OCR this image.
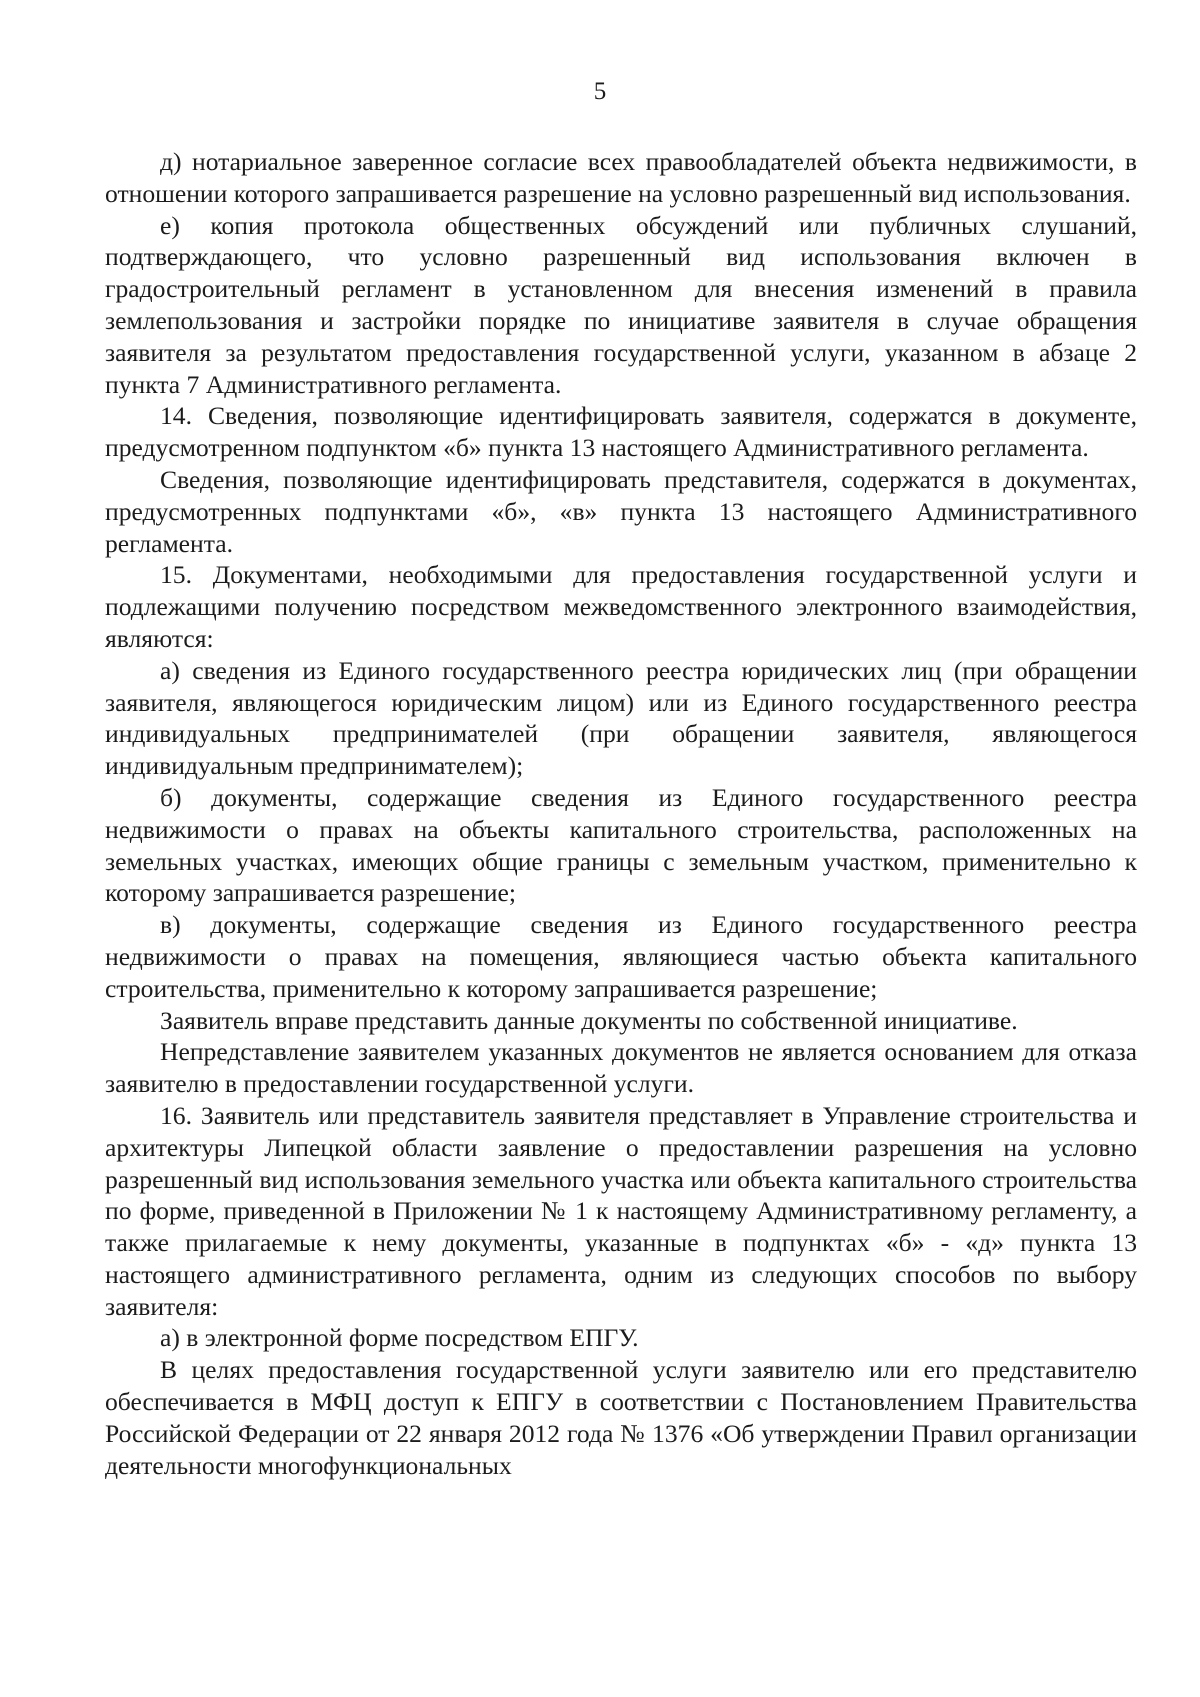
5

д) нотариальное заверенное согласие всех правообладателей объекта недвижимости, в отношении которого запрашивается разрешение на условно разрешенный вид использования.

е) копия протокола общественных обсуждений или публичных слушаний, подтверждающего, что условно разрешенный вид использования включен в градостроительный регламент в установленном для внесения изменений в правила землепользования и застройки порядке по инициативе заявителя в случае обращения заявителя за результатом предоставления государственной услуги, указанном в абзаце 2 пункта 7 Административного регламента.

14. Сведения, позволяющие идентифицировать заявителя, содержатся в документе, предусмотренном подпунктом «б» пункта 13 настоящего Административного регламента.

Сведения, позволяющие идентифицировать представителя, содержатся в документах, предусмотренных подпунктами «б», «в» пункта 13 настоящего Административного регламента.

15. Документами, необходимыми для предоставления государственной услуги и подлежащими получению посредством межведомственного электронного взаимодействия, являются:

а) сведения из Единого государственного реестра юридических лиц (при обращении заявителя, являющегося юридическим лицом) или из Единого государственного реестра индивидуальных предпринимателей (при обращении заявителя, являющегося индивидуальным предпринимателем);

б) документы, содержащие сведения из Единого государственного реестра недвижимости о правах на объекты капитального строительства, расположенных на земельных участках, имеющих общие границы с земельным участком, применительно к которому запрашивается разрешение;

в) документы, содержащие сведения из Единого государственного реестра недвижимости о правах на помещения, являющиеся частью объекта капитального строительства, применительно к которому запрашивается разрешение;

Заявитель вправе представить данные документы по собственной инициативе.

Непредставление заявителем указанных документов не является основанием для отказа заявителю в предоставлении государственной услуги.

16. Заявитель или представитель заявителя представляет в Управление строительства и архитектуры Липецкой области заявление о предоставлении разрешения на условно разрешенный вид использования земельного участка или объекта капитального строительства по форме, приведенной в Приложении № 1 к настоящему Административному регламенту, а также прилагаемые к нему документы, указанные в подпунктах «б» - «д» пункта 13 настоящего административного регламента, одним из следующих способов по выбору заявителя:

а) в электронной форме посредством ЕПГУ.

В целях предоставления государственной услуги заявителю или его представителю обеспечивается в МФЦ доступ к ЕПГУ в соответствии с Постановлением Правительства Российской Федерации от 22 января 2012 года № 1376 «Об утверждении Правил организации деятельности многофункциональных
